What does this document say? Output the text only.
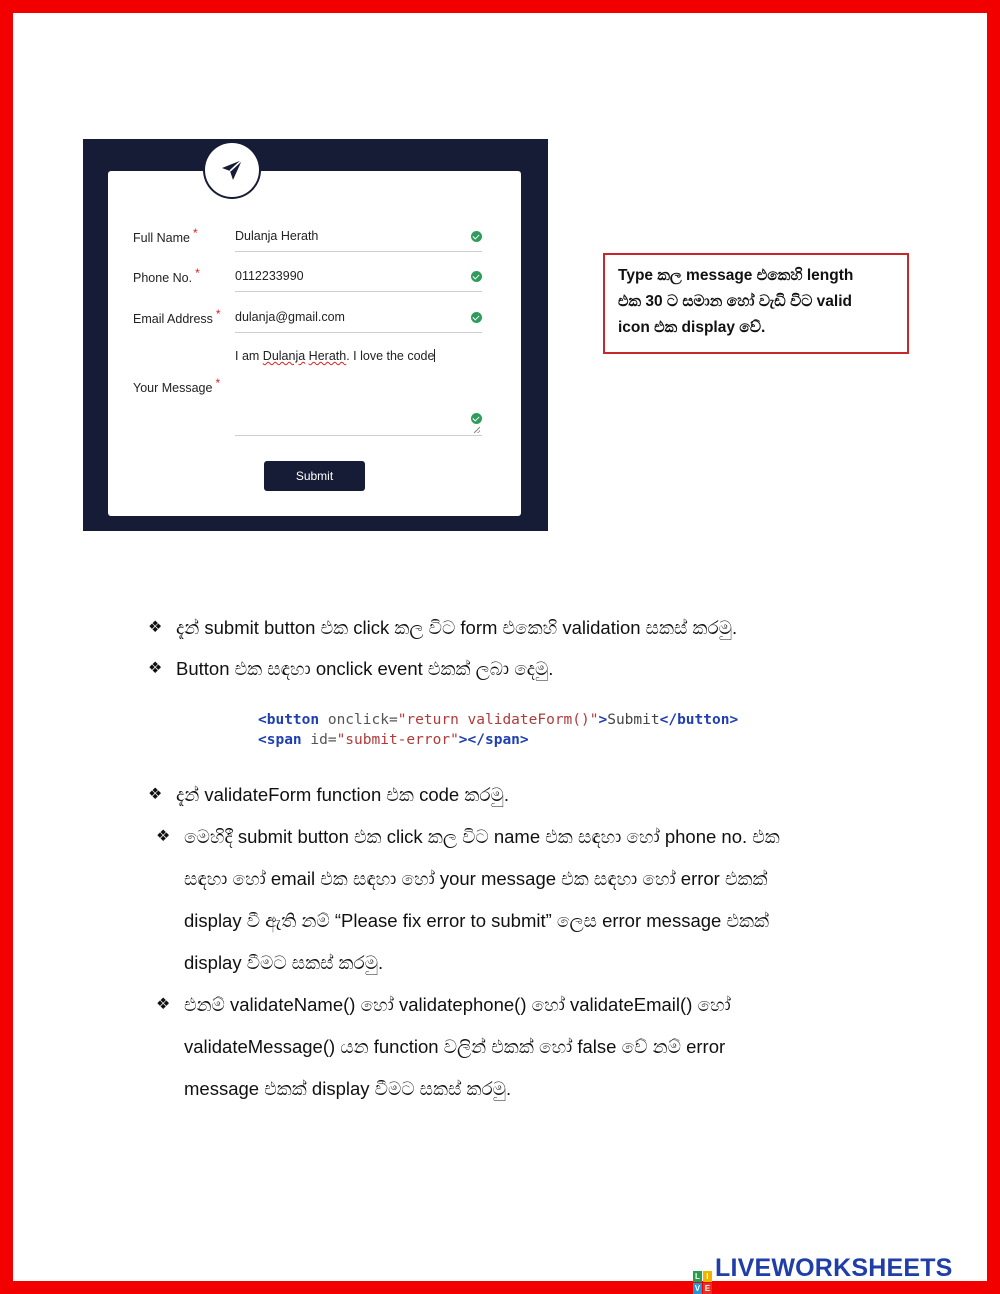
Full Name *	Dulanja Herath
Phone No. *	0112233990
Email Address * dulanja@gmail.com
Your Message *
I am Dulanja Herath. I love the code
Submit
Type කල message එකෙහි length
එක 30 ට සමාන හෝ වැඩි විට valid
icon එක display වේ.
❖ දැන් submit button එක click කල විට form එකෙහි validation සකස් කරමු.
❖ Button එක සඳහා onclick event එකක් ලබා දෙමු.
<button onclick="return validateForm()">Submit</button>
<span id="submit-error"></span>
❖ දැන් validateForm function එක code කරමු.
❖ මෙහිදී submit button එක click කල විට name එක සඳහා හෝ phone no. එක
සඳහා හෝ email එක සඳහා හෝ your message එක සඳහා හෝ error එකක්
display වී ඇති නම් “Please fix error to submit” ලෙස error message එකක්
display වීමට සකස් කරමු.
❖ එනම් validateName() හෝ validatephone() හෝ validateEmail() හෝ
validateMessage() යන function වලින් එකක් හෝ false වේ නම් error
message එකක් display වීමට සකස් කරමු.
L I
V E
LIVEWORKSHEETS
